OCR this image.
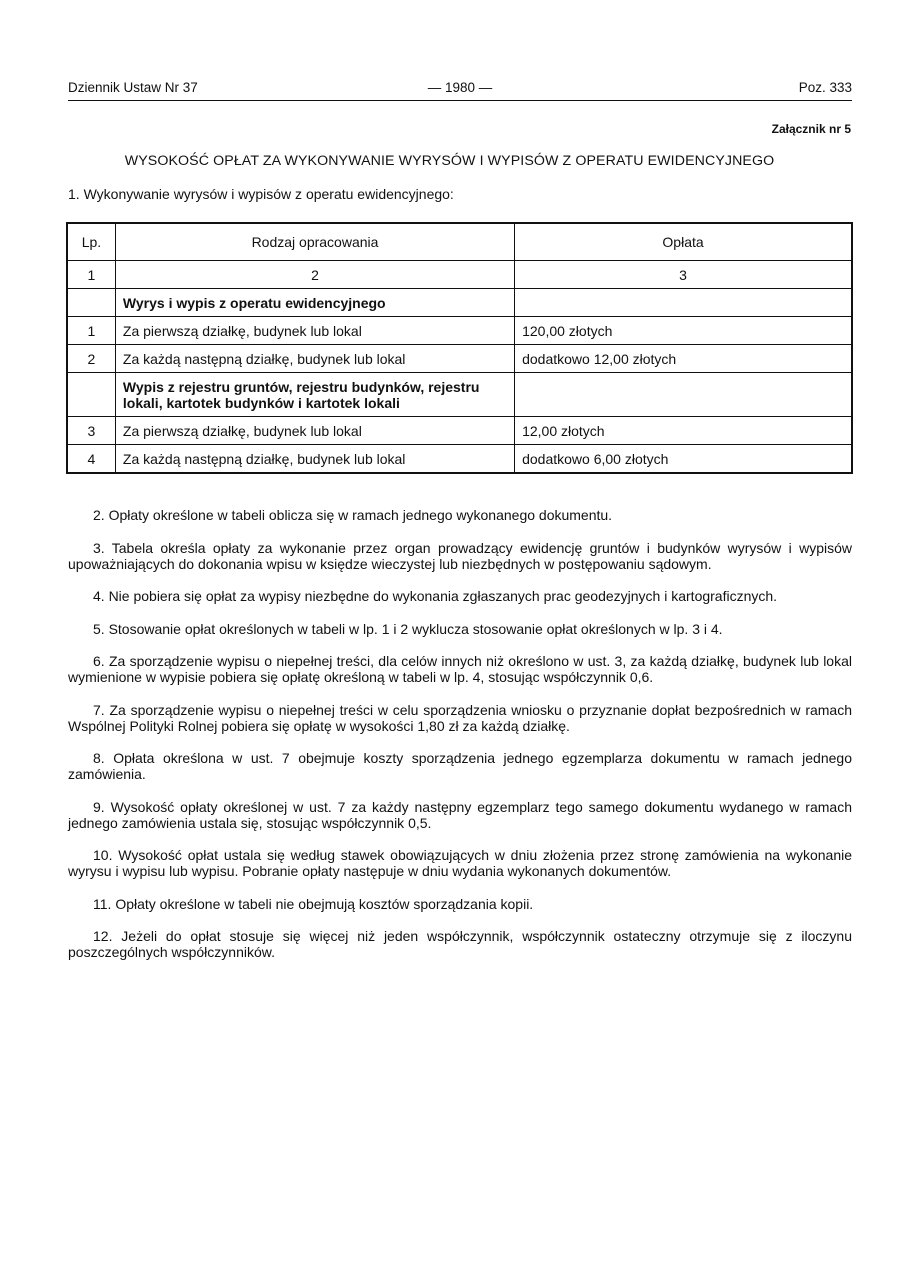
Dziennik Ustaw Nr 37	— 1980 —	Poz. 333
Załącznik nr 5
WYSOKOŚĆ OPŁAT ZA WYKONYWANIE WYRYSÓW I WYPISÓW Z OPERATU EWIDENCYJNEGO
1. Wykonywanie wyrysów i wypisów z operatu ewidencyjnego:
Lp.	Rodzaj opracowania	Opłata
1	2	3
	Wyrys i wypis z operatu ewidencyjnego	
1	Za pierwszą działkę, budynek lub lokal	120,00 złotych
2	Za każdą następną działkę, budynek lub lokal	dodatkowo 12,00 złotych
	Wypis z rejestru gruntów, rejestru budynków, rejestru lokali, kartotek budynków i kartotek lokali	
3	Za pierwszą działkę, budynek lub lokal	12,00 złotych
4	Za każdą następną działkę, budynek lub lokal	dodatkowo 6,00 złotych

2. Opłaty określone w tabeli oblicza się w ramach jednego wykonanego dokumentu.

3. Tabela określa opłaty za wykonanie przez organ prowadzący ewidencję gruntów i budynków wyrysów i wypisów upoważniających do dokonania wpisu w księdze wieczystej lub niezbędnych w postępowaniu sądowym.

4. Nie pobiera się opłat za wypisy niezbędne do wykonania zgłaszanych prac geodezyjnych i kartograficznych.

5. Stosowanie opłat określonych w tabeli w lp. 1 i 2 wyklucza stosowanie opłat określonych w lp. 3 i 4.

6. Za sporządzenie wypisu o niepełnej treści, dla celów innych niż określono w ust. 3, za każdą działkę, budynek lub lokal wymienione w wypisie pobiera się opłatę określoną w tabeli w lp. 4, stosując współczynnik 0,6.

7. Za sporządzenie wypisu o niepełnej treści w celu sporządzenia wniosku o przyznanie dopłat bezpośrednich w ramach Wspólnej Polityki Rolnej pobiera się opłatę w wysokości 1,80 zł za każdą działkę.

8. Opłata określona w ust. 7 obejmuje koszty sporządzenia jednego egzemplarza dokumentu w ramach jednego zamówienia.

9. Wysokość opłaty określonej w ust. 7 za każdy następny egzemplarz tego samego dokumentu wydanego w ramach jednego zamówienia ustala się, stosując współczynnik 0,5.

10. Wysokość opłat ustala się według stawek obowiązujących w dniu złożenia przez stronę zamówienia na wykonanie wyrysu i wypisu lub wypisu. Pobranie opłaty następuje w dniu wydania wykonanych dokumentów.

11. Opłaty określone w tabeli nie obejmują kosztów sporządzania kopii.

12. Jeżeli do opłat stosuje się więcej niż jeden współczynnik, współczynnik ostateczny otrzymuje się z iloczynu poszczególnych współczynników.
